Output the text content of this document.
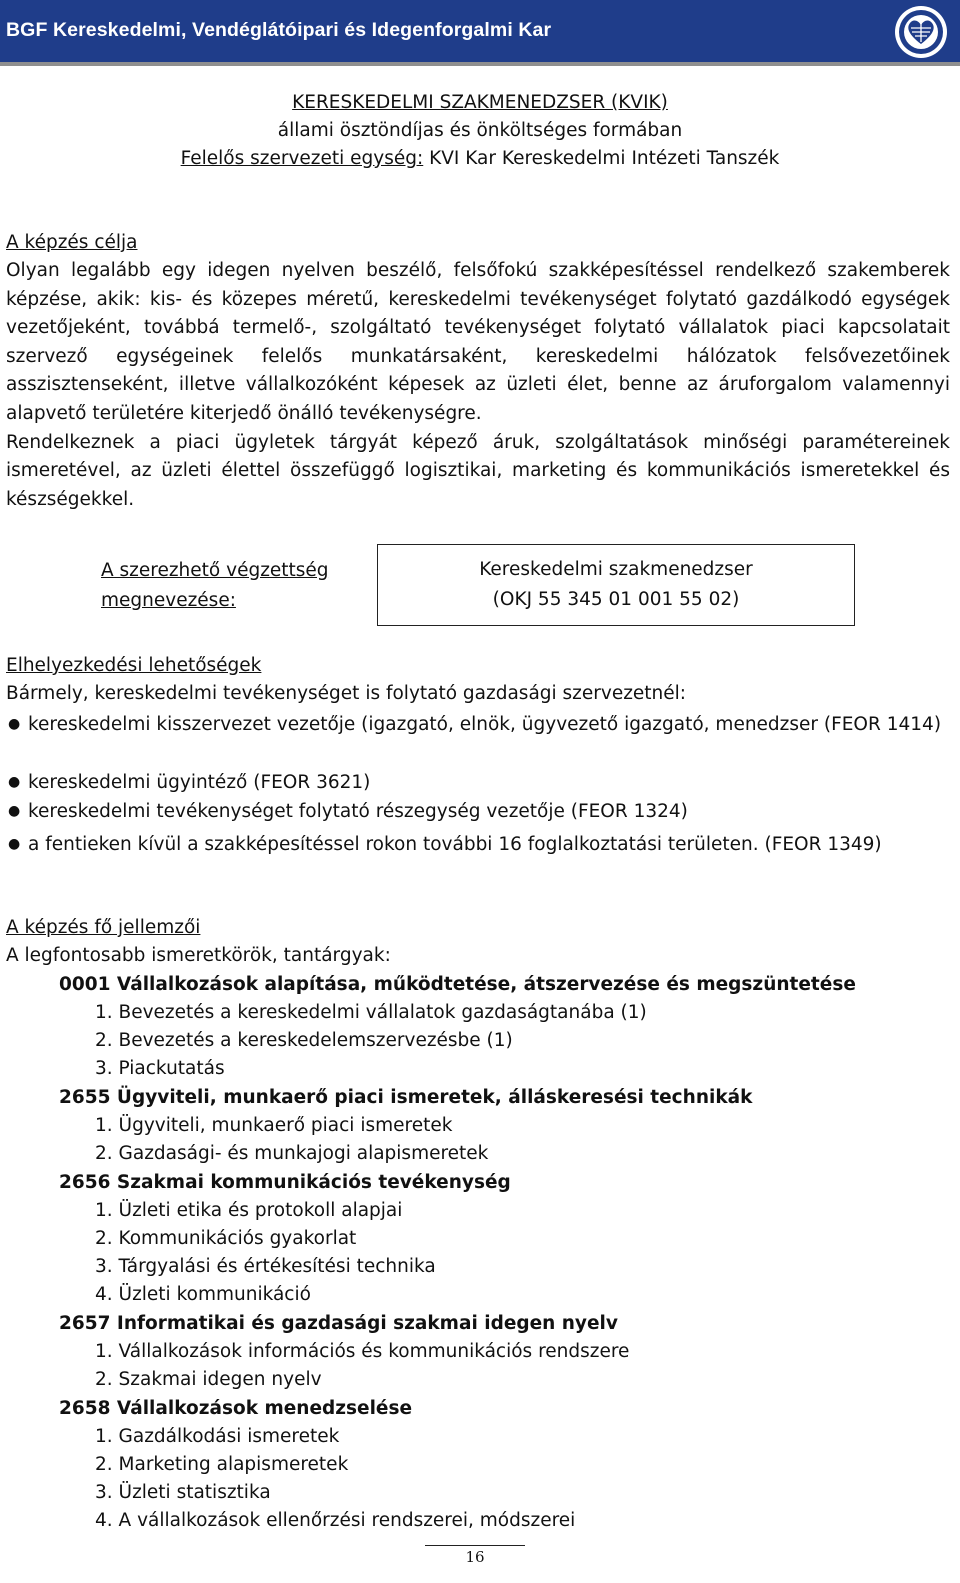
BGF Kereskedelmi, Vendéglátóipari és Idegenforgalmi Kar
KERESKEDELMI SZAKMENEDZSER (KVIK)
állami ösztöndíjas és önköltséges formában
Felelős szervezeti egység: KVI Kar Kereskedelmi Intézeti Tanszék
A képzés célja

Olyan legalább egy idegen nyelven beszélő, felsőfokú szakképesítéssel rendelkező szakemberek képzése, akik: kis- és közepes méretű, kereskedelmi tevékenységet folytató gazdálkodó egységek vezetőjeként, továbbá termelő-, szolgáltató tevékenységet folytató vállalatok piaci kapcsolatait szervező egységeinek felelős munkatársaként, kereskedelmi hálózatok felsővezetőinek asszisztenseként, illetve vállalkozóként képesek az üzleti élet, benne az áruforgalom valamennyi alapvető területére kiterjedő önálló tevékenységre.

Rendelkeznek a piaci ügyletek tárgyát képező áruk, szolgáltatások minőségi paramétereinek ismeretével, az üzleti élettel összefüggő logisztikai, marketing és kommunikációs ismeretekkel és készségekkel.

A szerezhető végzettség
megnevezése:
Kereskedelmi szakmenedzser
(OKJ 55 345 01 001 55 02)
Elhelyezkedési lehetőségek
Bármely, kereskedelmi tevékenységet is folytató gazdasági szervezetnél:
● kereskedelmi kisszervezet vezetője (igazgató, elnök, ügyvezető igazgató, menedzser (FEOR 1414)
● kereskedelmi ügyintéző (FEOR 3621)
● kereskedelmi tevékenységet folytató részegység vezetője (FEOR 1324)
● a fentieken kívül a szakképesítéssel rokon további 16 foglalkoztatási területen. (FEOR 1349)
A képzés fő jellemzői
A legfontosabb ismeretkörök, tantárgyak:
0001 Vállalkozások alapítása, működtetése, átszervezése és megszüntetése
1. Bevezetés a kereskedelmi vállalatok gazdaságtanába (1)
2. Bevezetés a kereskedelemszervezésbe (1)
3. Piackutatás
2655 Ügyviteli, munkaerő piaci ismeretek, álláskeresési technikák
1. Ügyviteli, munkaerő piaci ismeretek
2. Gazdasági- és munkajogi alapismeretek
2656 Szakmai kommunikációs tevékenység
1. Üzleti etika és protokoll alapjai
2. Kommunikációs gyakorlat
3. Tárgyalási és értékesítési technika
4. Üzleti kommunikáció
2657 Informatikai és gazdasági szakmai idegen nyelv
1. Vállalkozások információs és kommunikációs rendszere
2. Szakmai idegen nyelv
2658 Vállalkozások menedzselése
1. Gazdálkodási ismeretek
2. Marketing alapismeretek
3. Üzleti statisztika
4. A vállalkozások ellenőrzési rendszerei, módszerei
16
